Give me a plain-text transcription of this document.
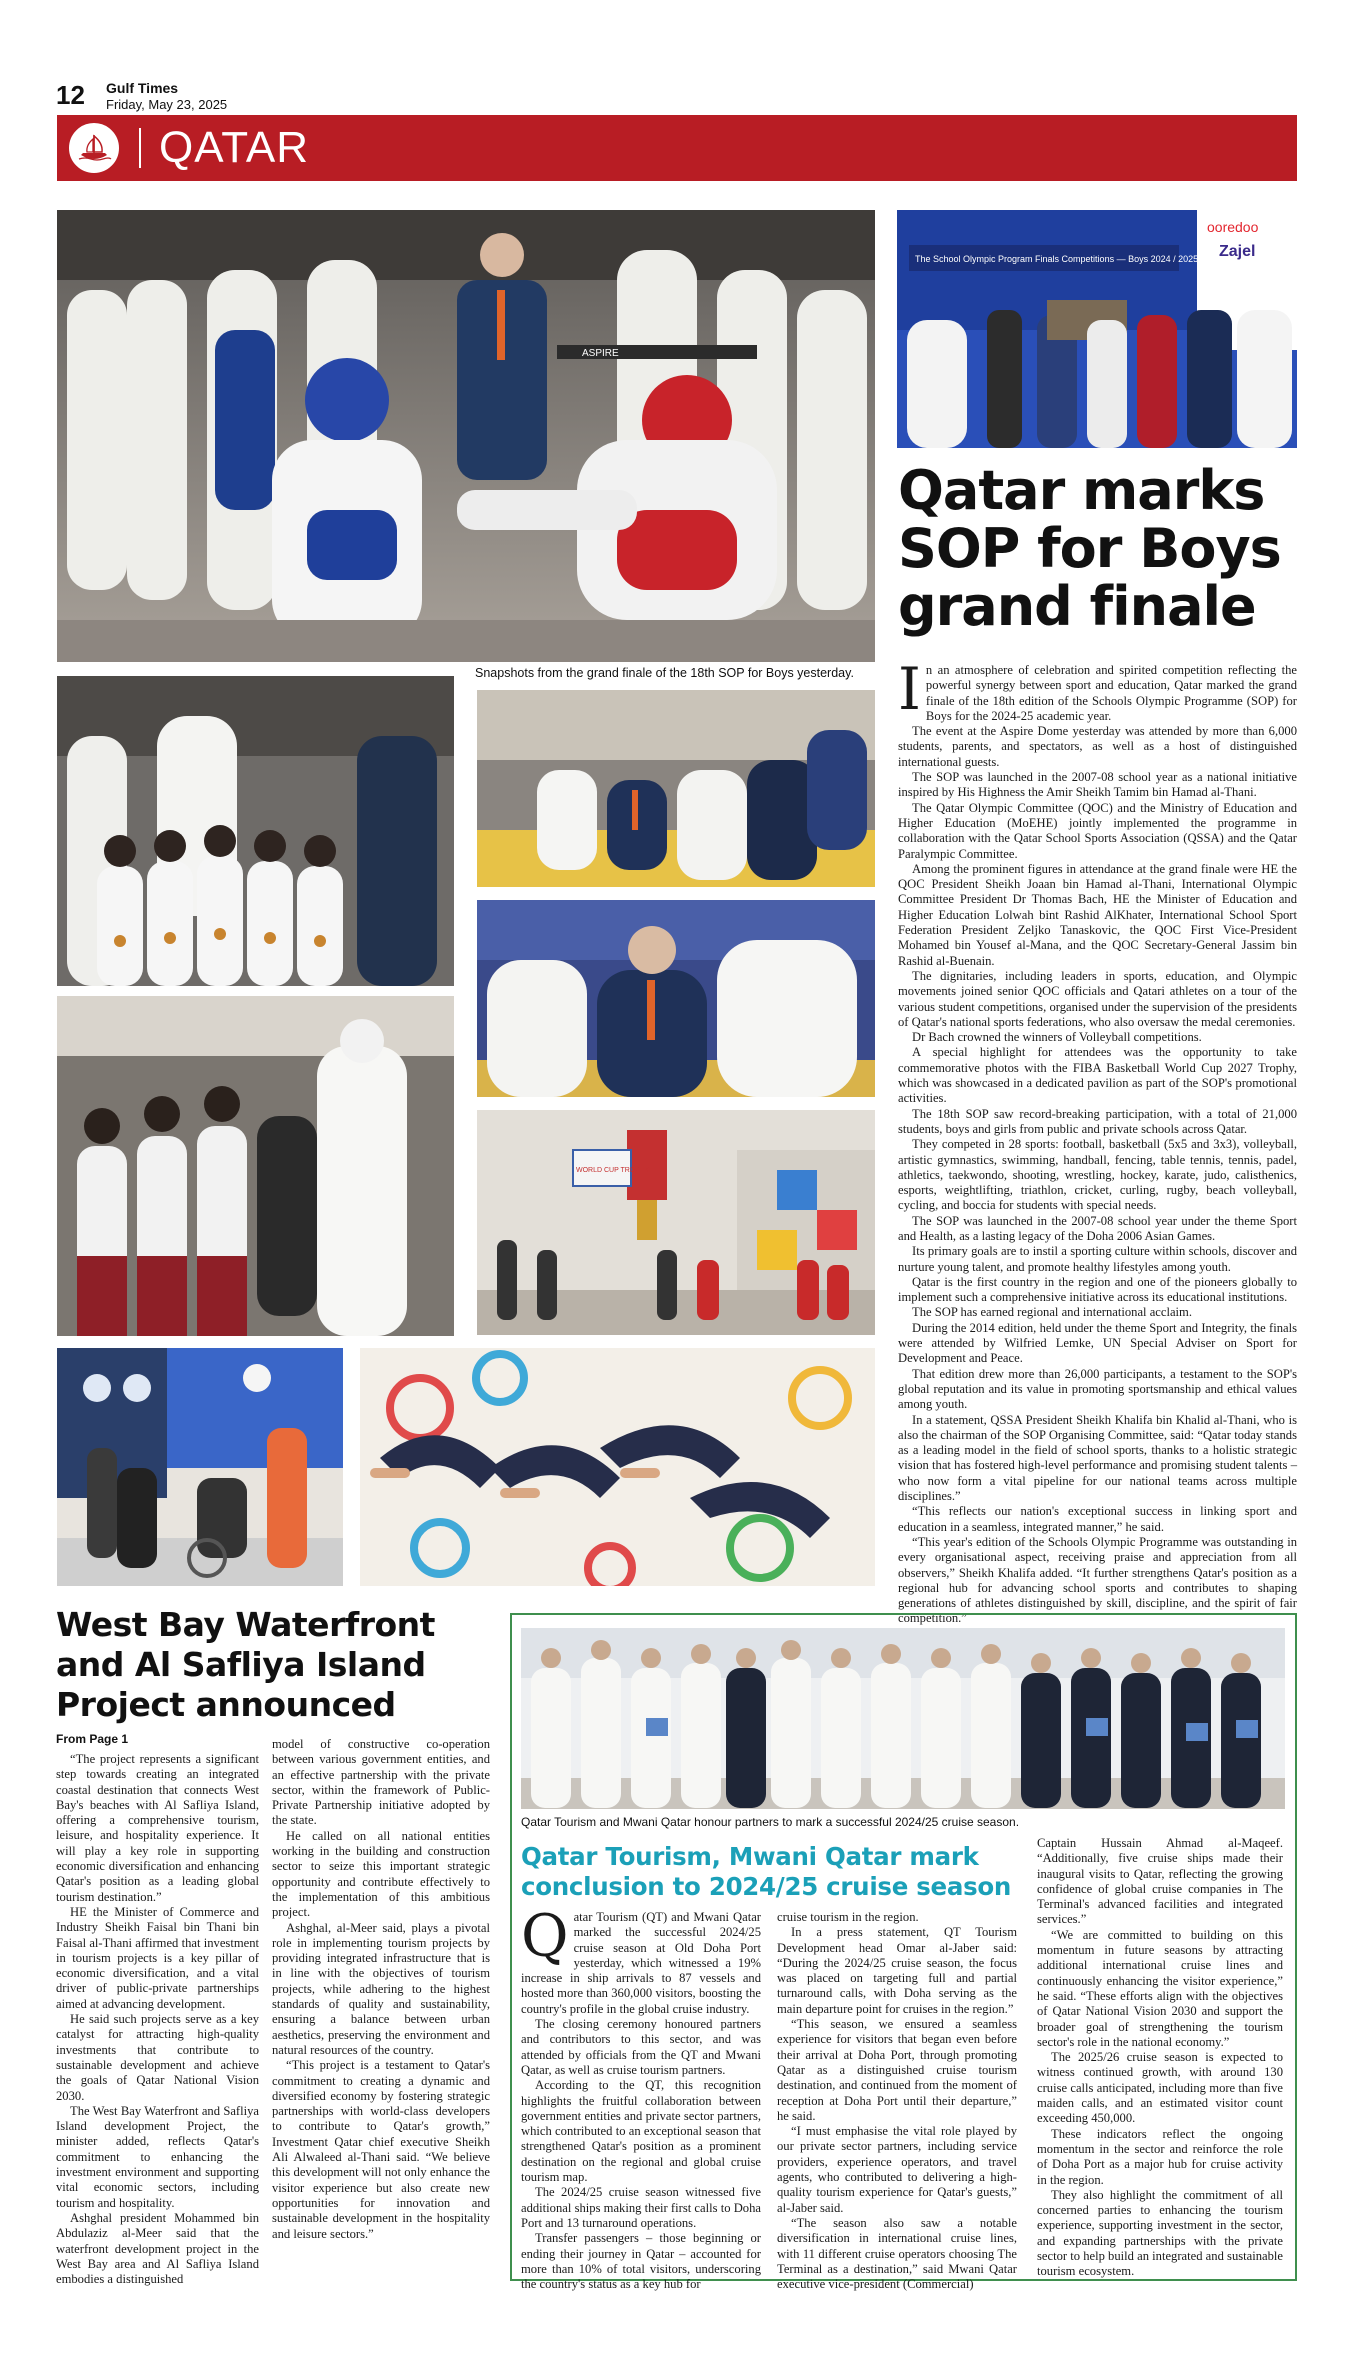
12 Gulf Times
Friday, May 23, 2025
QATAR
ASPIRE
Snapshots from the grand finale of the 18th SOP for Boys yesterday.
ooredoo
Zajel
The School Olympic Program Finals Competitions — Boys 2024 / 2025
Qatar marks SOP for Boys grand finale
WORLD CUP TROPHY

In an atmosphere of celebration and spirited competition reflecting the powerful synergy between sport and education, Qatar marked the grand finale of the 18th edition of the Schools Olympic Programme (SOP) for Boys for the 2024-25 academic year.

The event at the Aspire Dome yesterday was attended by more than 6,000 students, parents, and spectators, as well as a host of distinguished international guests.

The SOP was launched in the 2007-08 school year as a national initiative inspired by His Highness the Amir Sheikh Tamim bin Hamad al-Thani.

The Qatar Olympic Committee (QOC) and the Ministry of Education and Higher Education (MoEHE) jointly implemented the programme in collaboration with the Qatar School Sports Association (QSSA) and the Qatar Paralympic Committee.

Among the prominent figures in attendance at the grand finale were HE the QOC President Sheikh Joaan bin Hamad al-Thani, International Olympic Committee President Dr Thomas Bach, HE the Minister of Education and Higher Education Lolwah bint Rashid AlKhater, International School Sport Federation President Zeljko Tanaskovic, the QOC First Vice-President Mohamed bin Yousef al-Mana, and the QOC Secretary-General Jassim bin Rashid al-Buenain.

The dignitaries, including leaders in sports, education, and Olympic movements joined senior QOC officials and Qatari athletes on a tour of the various student competitions, organised under the supervision of the presidents of Qatar's national sports federations, who also oversaw the medal ceremonies.

Dr Bach crowned the winners of Volleyball competitions.

A special highlight for attendees was the opportunity to take commemorative photos with the FIBA Basketball World Cup 2027 Trophy, which was showcased in a dedicated pavilion as part of the SOP's promotional activities.

The 18th SOP saw record-breaking participation, with a total of 21,000 students, boys and girls from public and private schools across Qatar.

They competed in 28 sports: football, basketball (5x5 and 3x3), volleyball, artistic gymnastics, swimming, handball, fencing, table tennis, tennis, padel, athletics, taekwondo, shooting, wrestling, hockey, karate, judo, calisthenics, esports, weightlifting, triathlon, cricket, curling, rugby, beach volleyball, cycling, and boccia for students with special needs.

The SOP was launched in the 2007-08 school year under the theme Sport and Health, as a lasting legacy of the Doha 2006 Asian Games.

Its primary goals are to instil a sporting culture within schools, discover and nurture young talent, and promote healthy lifestyles among youth.

Qatar is the first country in the region and one of the pioneers globally to implement such a comprehensive initiative across its educational institutions.

The SOP has earned regional and international acclaim.

During the 2014 edition, held under the theme Sport and Integrity, the finals were attended by Wilfried Lemke, UN Special Adviser on Sport for Development and Peace.

That edition drew more than 26,000 participants, a testament to the SOP's global reputation and its value in promoting sportsmanship and ethical values among youth.

In a statement, QSSA President Sheikh Khalifa bin Khalid al-Thani, who is also the chairman of the SOP Organising Committee, said: “Qatar today stands as a leading model in the field of school sports, thanks to a holistic strategic vision that has fostered high-level performance and promising student talents – who now form a vital pipeline for our national teams across multiple disciplines.”

“This reflects our nation's exceptional success in linking sport and education in a seamless, integrated manner,” he said.

“This year's edition of the Schools Olympic Programme was outstanding in every organisational aspect, receiving praise and appreciation from all observers,” Sheikh Khalifa added. “It further strengthens Qatar's position as a regional hub for advancing school sports and contributes to shaping generations of athletes distinguished by skill, discipline, and the spirit of fair competition.”

West Bay Waterfront and Al Safliya Island Project announced
From Page 1

“The project represents a significant step towards creating an integrated coastal destination that connects West Bay's beaches with Al Safliya Island, offering a comprehensive tourism, leisure, and hospitality experience. It will play a key role in supporting economic diversification and enhancing Qatar's position as a leading global tourism destination.”

HE the Minister of Commerce and Industry Sheikh Faisal bin Thani bin Faisal al-Thani affirmed that investment in tourism projects is a key pillar of economic diversification, and a vital driver of public-private partnerships aimed at advancing development.

He said such projects serve as a key catalyst for attracting high-quality investments that contribute to sustainable development and achieve the goals of Qatar National Vision 2030.

The West Bay Waterfront and Safliya Island development Project, the minister added, reflects Qatar's commitment to enhancing the investment environment and supporting vital economic sectors, including tourism and hospitality.

Ashghal president Mohammed bin Abdulaziz al-Meer said that the waterfront development project in the West Bay area and Al Safliya Island embodies a distinguished

model of constructive co-operation between various government entities, and an effective partnership with the private sector, within the framework of Public-Private Partnership initiative adopted by the state.

He called on all national entities working in the building and construction sector to seize this important strategic opportunity and contribute effectively to the implementation of this ambitious project.

Ashghal, al-Meer said, plays a pivotal role in implementing tourism projects by providing integrated infrastructure that is in line with the objectives of tourism projects, while adhering to the highest standards of quality and sustainability, ensuring a balance between urban aesthetics, preserving the environment and natural resources of the country.

“This project is a testament to Qatar's commitment to creating a dynamic and diversified economy by fostering strategic partnerships with world-class developers to contribute to Qatar's growth,” Investment Qatar chief executive Sheikh Ali Alwaleed al-Thani said. “We believe this development will not only enhance the visitor experience but also create new opportunities for innovation and sustainable development in the hospitality and leisure sectors.”

Qatar Tourism and Mwani Qatar honour partners to mark a successful 2024/25 cruise season.
Qatar Tourism, Mwani Qatar mark conclusion to 2024/25 cruise season

Qatar Tourism (QT) and Mwani Qatar marked the successful 2024/25 cruise season at Old Doha Port yesterday, which witnessed a 19% increase in ship arrivals to 87 vessels and hosted more than 360,000 visitors, boosting the country's profile in the global cruise industry.

The closing ceremony honoured partners and contributors to this sector, and was attended by officials from the QT and Mwani Qatar, as well as cruise tourism partners.

According to the QT, this recognition highlights the fruitful collaboration between government entities and private sector partners, which contributed to an exceptional season that strengthened Qatar's position as a prominent destination on the regional and global cruise tourism map.

The 2024/25 cruise season witnessed five additional ships making their first calls to Doha Port and 13 turnaround operations.

Transfer passengers – those beginning or ending their journey in Qatar – accounted for more than 10% of total visitors, underscoring the country's status as a key hub for

cruise tourism in the region.

In a press statement, QT Tourism Development head Omar al-Jaber said: “During the 2024/25 cruise season, the focus was placed on targeting full and partial turnaround calls, with Doha serving as the main departure point for cruises in the region.”

“This season, we ensured a seamless experience for visitors that began even before their arrival at Doha Port, through promoting Qatar as a distinguished cruise tourism destination, and continued from the moment of reception at Doha Port until their departure,” he said.

“I must emphasise the vital role played by our private sector partners, including service providers, experience operators, and travel agents, who contributed to delivering a high-quality tourism experience for Qatar's guests,” al-Jaber said.

“The season also saw a notable diversification in international cruise lines, with 11 different cruise operators choosing The Terminal as a destination,” said Mwani Qatar executive vice-president (Commercial)

Captain Hussain Ahmad al-Maqeef. “Additionally, five cruise ships made their inaugural visits to Qatar, reflecting the growing confidence of global cruise companies in The Terminal's advanced facilities and integrated services.”

“We are committed to building on this momentum in future seasons by attracting additional international cruise lines and continuously enhancing the visitor experience,” he said. “These efforts align with the objectives of Qatar National Vision 2030 and support the broader goal of strengthening the tourism sector's role in the national economy.”

The 2025/26 cruise season is expected to witness continued growth, with around 130 cruise calls anticipated, including more than five maiden calls, and an estimated visitor count exceeding 450,000.

These indicators reflect the ongoing momentum in the sector and reinforce the role of Doha Port as a major hub for cruise activity in the region.

They also highlight the commitment of all concerned parties to enhancing the tourism experience, supporting investment in the sector, and expanding partnerships with the private sector to help build an integrated and sustainable tourism ecosystem.
